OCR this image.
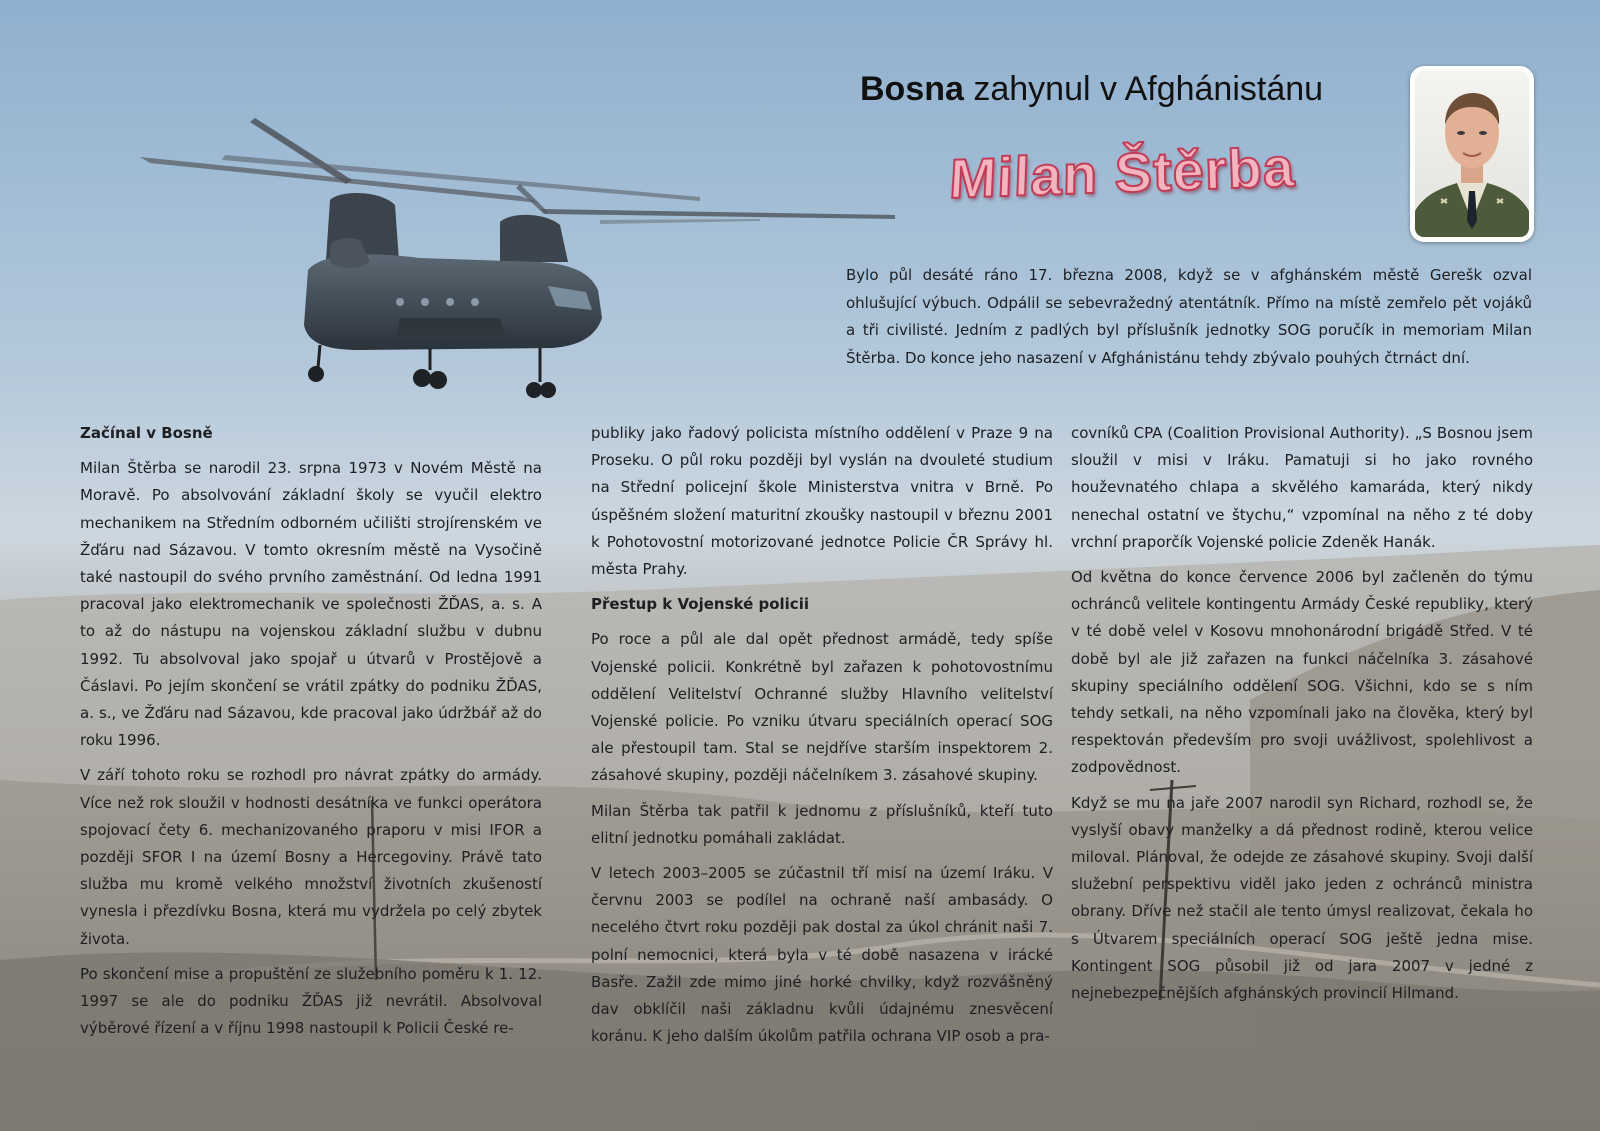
Bosna zahynul v Afghánistánu
Milan Štěrba

Bylo půl desáté ráno 17. března 2008, když se v afghánském městě Gerešk ozval ohlušující výbuch. Odpálil se sebevražedný atentátník. Přímo na místě zemřelo pět vojáků a tři civilisté. Jedním z padlých byl příslušník jednotky SOG poručík in memoriam Milan Štěrba. Do konce jeho nasazení v Afghánistánu tehdy zbývalo pouhých čtrnáct dní.

Začínal v Bosně

Milan Štěrba se narodil 23. srpna 1973 v Novém Městě na Moravě. Po absolvování základní školy se vyučil elektro mechanikem na Středním odborném učilišti strojírenském ve Žďáru nad Sázavou. V tomto okresním městě na Vysočině také nastoupil do svého prvního zaměstnání. Od ledna 1991 pracoval jako elektromechanik ve společnosti ŽĎAS, a. s. A to až do nástupu na vojenskou základní službu v dubnu 1992. Tu absolvoval jako spojař u útvarů v Prostějově a Čáslavi. Po jejím skončení se vrátil zpátky do podniku ŽĎAS, a. s., ve Žďáru nad Sázavou, kde pracoval jako údržbář až do roku 1996.

V září tohoto roku se rozhodl pro návrat zpátky do armády. Více než rok sloužil v hodnosti desátníka ve funkci operátora spojovací čety 6. mechanizovaného praporu v misi IFOR a později SFOR I na území Bosny a Hercegoviny. Právě tato služba mu kromě velkého množství životních zkušeností vynesla i přezdívku Bosna, která mu vydržela po celý zbytek života.

Po skončení mise a propuštění ze služebního poměru k 1. 12. 1997 se ale do podniku ŽĎAS již nevrátil. Absolvoval výběrové řízení a v říjnu 1998 nastoupil k Policii České re-

publiky jako řadový policista místního oddělení v Praze 9 na Proseku. O půl roku později byl vyslán na dvouleté studium na Střední policejní škole Ministerstva vnitra v Brně. Po úspěšném složení maturitní zkoušky nastoupil v březnu 2001 k Pohotovostní motorizované jednotce Policie ČR Správy hl. města Prahy.

Přestup k Vojenské policii

Po roce a půl ale dal opět přednost armádě, tedy spíše Vojenské policii. Konkrétně byl zařazen k pohotovostnímu oddělení Velitelství Ochranné služby Hlavního velitelství Vojenské policie. Po vzniku útvaru speciálních operací SOG ale přestoupil tam. Stal se nejdříve starším inspektorem 2. zásahové skupiny, později náčelníkem 3. zásahové skupiny.

Milan Štěrba tak patřil k jednomu z příslušníků, kteří tuto elitní jednotku pomáhali zakládat.

V letech 2003–2005 se zúčastnil tří misí na území Iráku. V červnu 2003 se podílel na ochraně naší ambasády. O necelého čtvrt roku později pak dostal za úkol chránit naši 7. polní nemocnici, která byla v té době nasazena v irácké Basře. Zažil zde mimo jiné horké chvilky, když rozvášněný dav obklíčil naši základnu kvůli údajnému znesvěcení koránu. K jeho dalším úkolům patřila ochrana VIP osob a pra-

covníků CPA (Coalition Provisional Authority). „S Bosnou jsem sloužil v misi v Iráku. Pamatuji si ho jako rovného houževnatého chlapa a skvělého kamaráda, který nikdy nenechal ostatní ve štychu,“ vzpomínal na něho z té doby vrchní praporčík Vojenské policie Zdeněk Hanák.

Od května do konce července 2006 byl začleněn do týmu ochránců velitele kontingentu Armády České republiky, který v té době velel v Kosovu mnohonárodní brigádě Střed. V té době byl ale již zařazen na funkci náčelníka 3. zásahové skupiny speciálního oddělení SOG. Všichni, kdo se s ním tehdy setkali, na něho vzpomínali jako na člověka, který byl respektován především pro svoji uvážlivost, spolehlivost a zodpovědnost.

Když se mu na jaře 2007 narodil syn Richard, rozhodl se, že vyslyší obavy manželky a dá přednost rodině, kterou velice miloval. Plánoval, že odejde ze zásahové skupiny. Svoji další služební perspektivu viděl jako jeden z ochránců ministra obrany. Dříve než stačil ale tento úmysl realizovat, čekala ho s Útvarem speciálních operací SOG ještě jedna mise. Kontingent SOG působil již od jara 2007 v jedné z nejnebezpečnějších afghánských provincií Hilmand.
